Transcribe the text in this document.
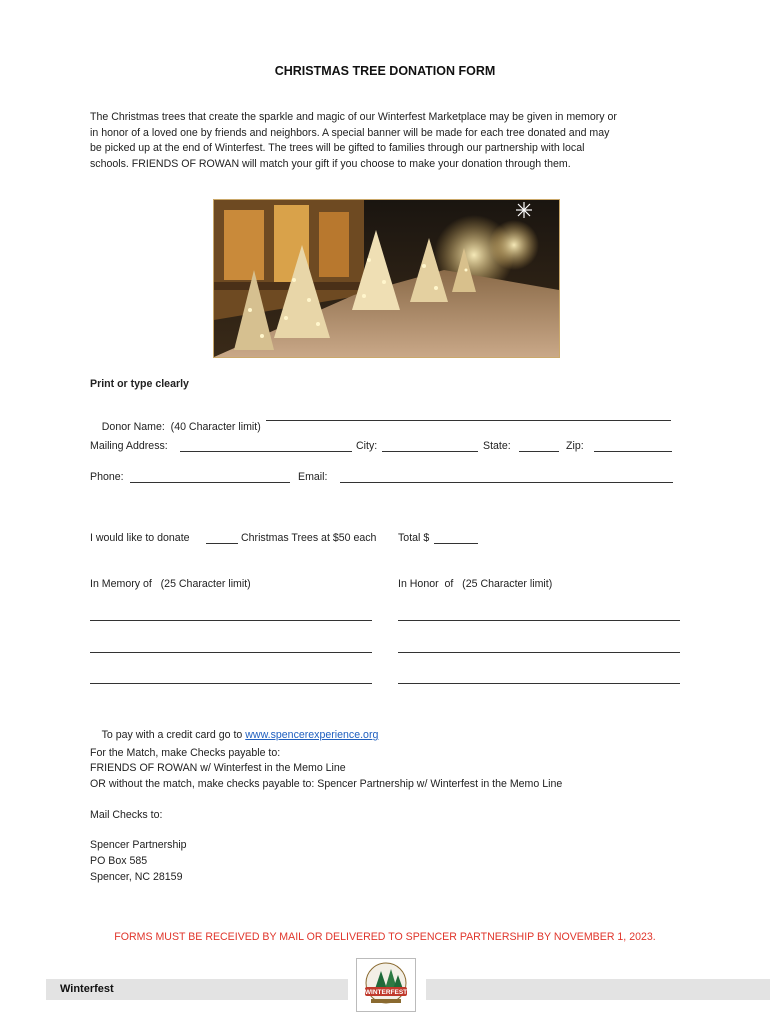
CHRISTMAS TREE DONATION FORM
The Christmas trees that create the sparkle and magic of our Winterfest Marketplace may be given in memory or
in honor of a loved one by friends and neighbors. A special banner will be made for each tree donated and may
be picked up at the end of Winterfest. The trees will be gifted to families through our partnership with local
schools. FRIENDS OF ROWAN will match your gift if you choose to make your donation through them.
Print or type clearly

Donor Name:  (40 Character limit)

Mailing Address:	City:	State:	Zip:
Phone:	Email:
I would like to donate	Christmas Trees at $50 each Total $
In Memory of   (25 Character limit)	In Honor  of   (25 Character limit)

To pay with a credit card go to www.spencerexperience.org

For the Match, make Checks payable to:
FRIENDS OF ROWAN w/ Winterfest in the Memo Line
OR without the match, make checks payable to: Spencer Partnership w/ Winterfest in the Memo Line
Mail Checks to:
Spencer Partnership
PO Box 585
Spencer, NC 28159
FORMS MUST BE RECEIVED BY MAIL OR DELIVERED TO SPENCER PARTNERSHIP BY NOVEMBER 1, 2023.
Winterfest	WINTERFEST
